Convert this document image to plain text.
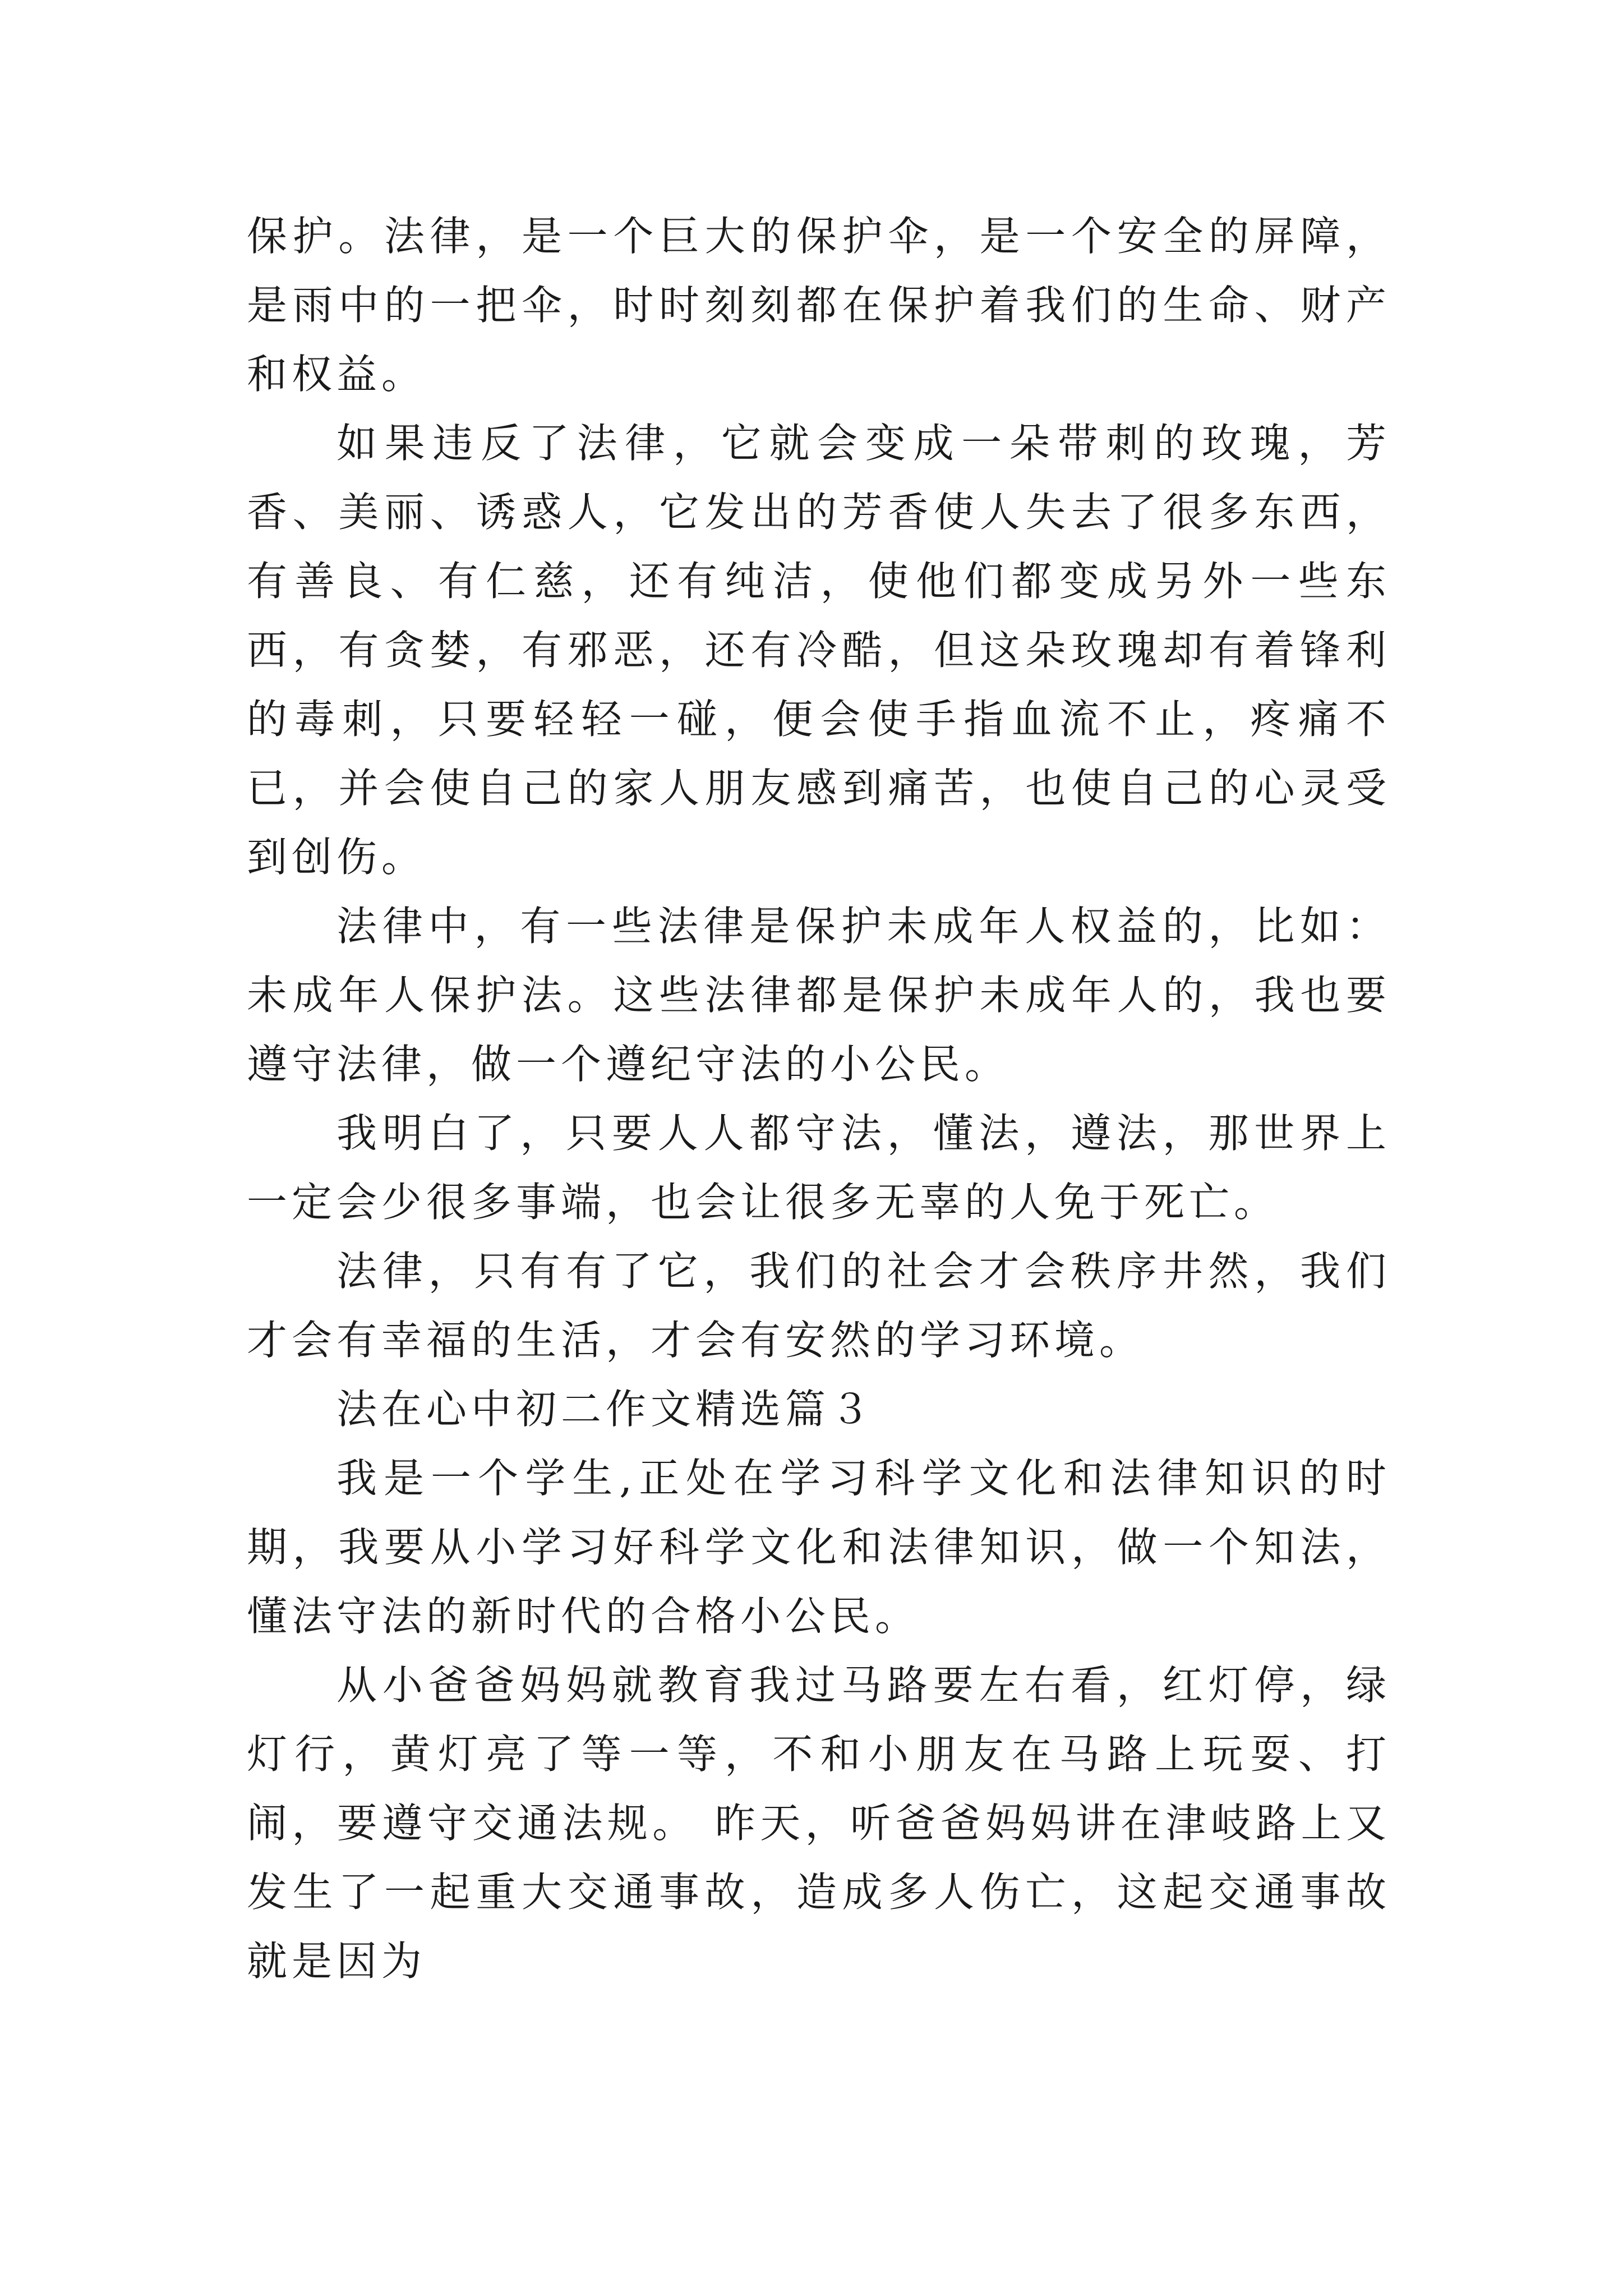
保护。法律，是一个巨大的保护伞，是一个安全的屏障，是雨中的一把伞，时时刻刻都在保护着我们的生命、财产和权益。

如果违反了法律，它就会变成一朵带刺的玫瑰，芳香、美丽、诱惑人，它发出的芳香使人失去了很多东西，有善良、有仁慈，还有纯洁，使他们都变成另外一些东西，有贪婪，有邪恶，还有冷酷，但这朵玫瑰却有着锋利的毒刺，只要轻轻一碰，便会使手指血流不止，疼痛不已，并会使自己的家人朋友感到痛苦，也使自己的心灵受到创伤。

法律中，有一些法律是保护未成年人权益的，比如：未成年人保护法。这些法律都是保护未成年人的，我也要遵守法律，做一个遵纪守法的小公民。

我明白了，只要人人都守法，懂法，遵法，那世界上一定会少很多事端，也会让很多无辜的人免于死亡。

法律，只有有了它，我们的社会才会秩序井然，我们才会有幸福的生活，才会有安然的学习环境。

法在心中初二作文精选篇３

我是一个学生,正处在学习科学文化和法律知识的时期，我要从小学习好科学文化和法律知识，做一个知法，懂法守法的新时代的合格小公民。

从小爸爸妈妈就教育我过马路要左右看，红灯停，绿灯行，黄灯亮了等一等，不和小朋友在马路上玩耍、打闹，要遵守交通法规。 昨天，听爸爸妈妈讲在津岐路上又发生了一起重大交通事故，造成多人伤亡，这起交通事故就是因为
